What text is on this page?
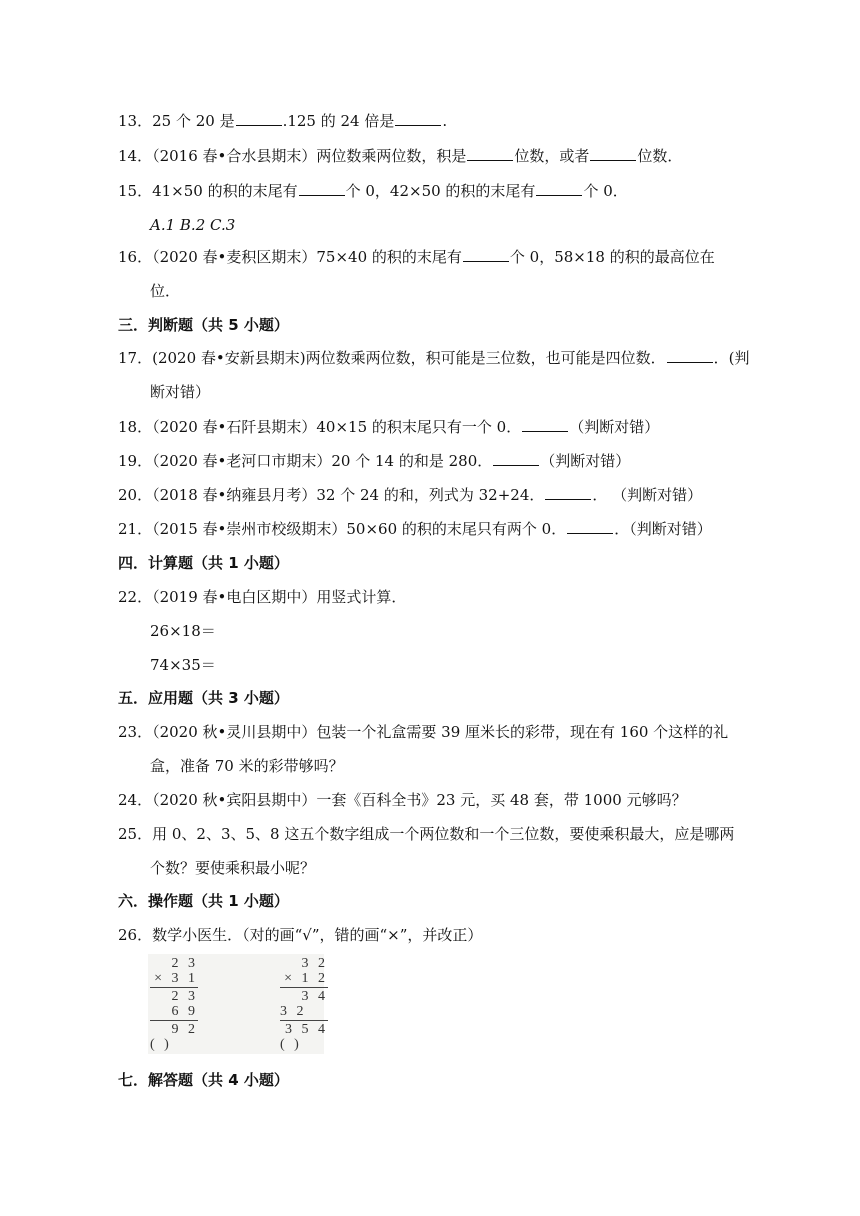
13．25 个 20 是	.125 的 24 倍是	.
14．（2016 春•合水县期末）两位数乘两位数，积是	位数，或者	位数．
15．41×50 的积的末尾有	个 0，42×50 的积的末尾有	个 0．
A.1 B.2 C.3
16．（2020 春•麦积区期末）75×40 的积的末尾有	个 0，58×18 的积的最高位在
位．
三．判断题（共 5 小题）
17．(2020 春•安新县期末)两位数乘两位数，积可能是三位数，也可能是四位数．	．(判
断对错）
18．（2020 春•石阡县期末）40×15 的积末尾只有一个 0．	（判断对错）
19．（2020 春•老河口市期末）20 个 14 的和是 280．	（判断对错）
20．（2018 春•纳雍县月考）32 个 24 的和，列式为 32+24．	． （判断对错）
21．（2015 春•崇州市校级期末）50×60 的积的末尾只有两个 0．	．（判断对错）
四．计算题（共 1 小题）
22．（2019 春•电白区期中）用竖式计算．
26×18＝
74×35＝
五．应用题（共 3 小题）
23．（2020 秋•灵川县期中）包装一个礼盒需要 39 厘米长的彩带，现在有 160 个这样的礼
盒，准备 70 米的彩带够吗？
24．（2020 秋•宾阳县期中）一套《百科全书》23 元，买 48 套，带 1000 元够吗？
25．用 0、2、3、5、8 这五个数字组成一个两位数和一个三位数，要使乘积最大，应是哪两
个数？要使乘积最小呢？
六．操作题（共 1 小题）
26．数学小医生．（对的画“√”，错的画“×”，并改正）
2 3
× 3 1
2 3
6 9
9 2
( )
3 2
× 1 2
3 4
3 2
3 5 4
( )
七．解答题（共 4 小题）
